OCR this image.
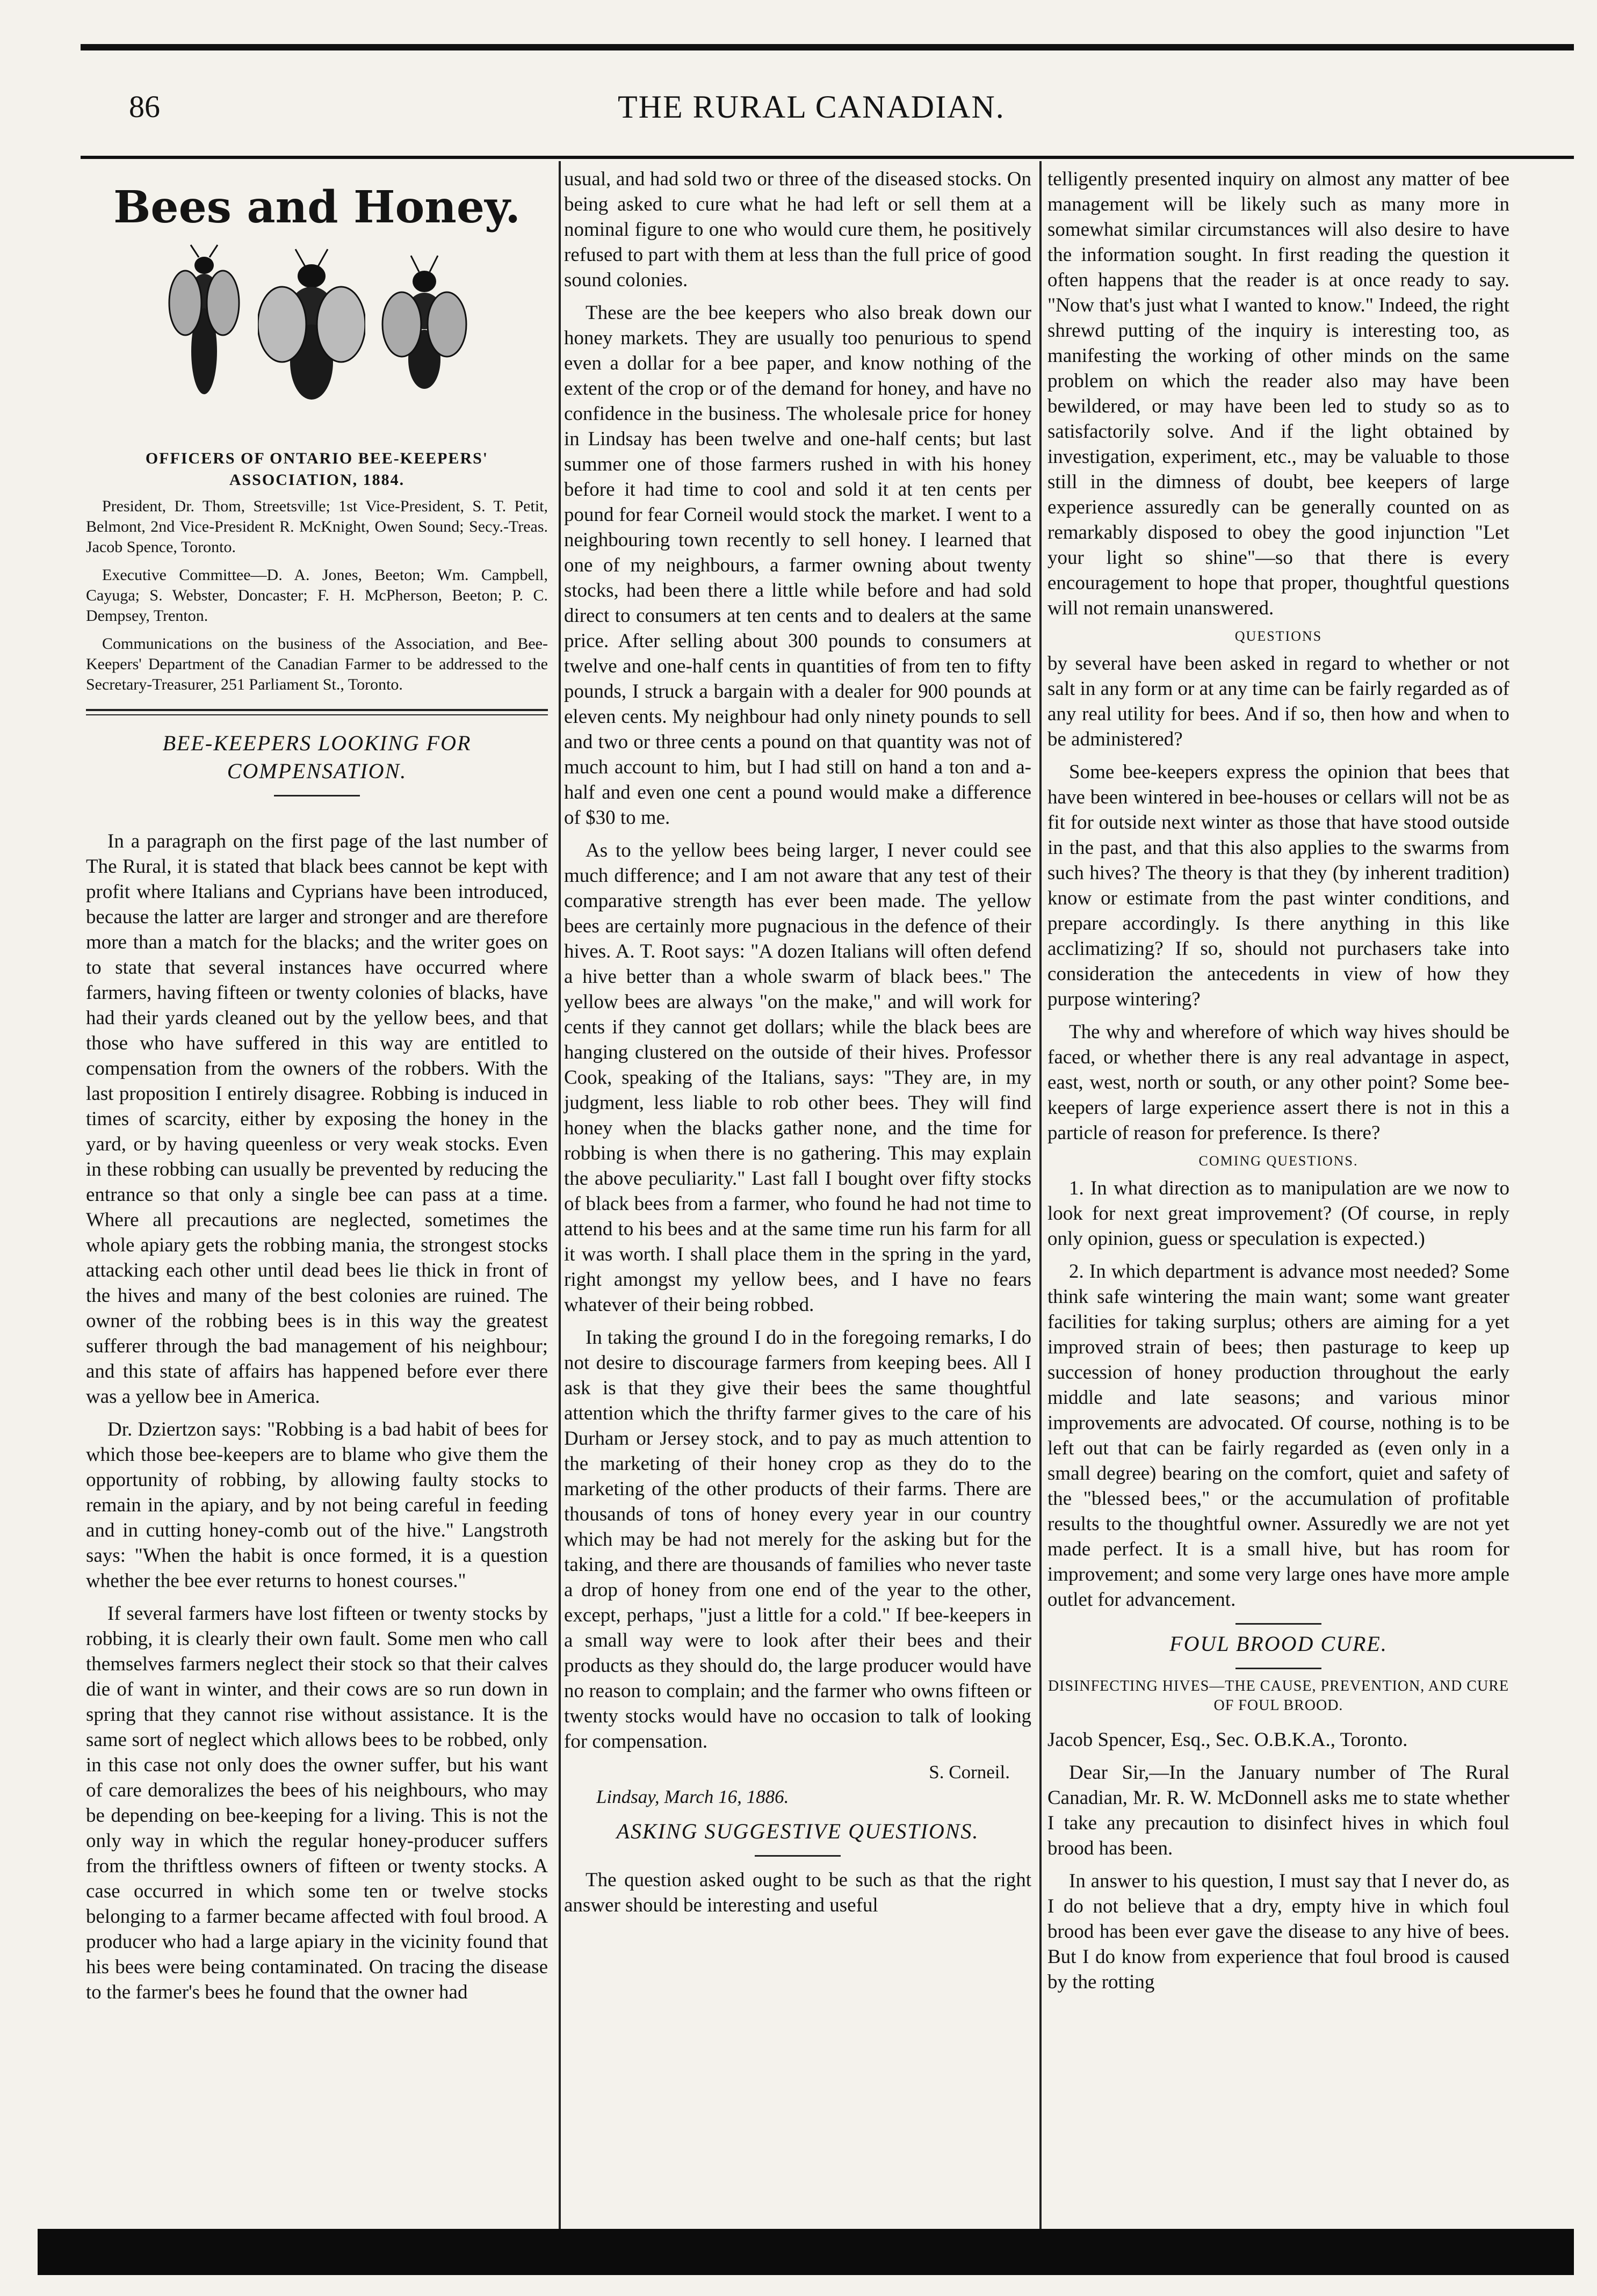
86	THE RURAL CANADIAN.
Bees and Honey.
OFFICERS OF ONTARIO BEE-KEEPERS' ASSOCIATION, 1884.

President, Dr. Thom, Streetsville; 1st Vice-President, S. T. Petit, Belmont, 2nd Vice-President R. McKnight, Owen Sound; Secy.-Treas. Jacob Spence, Toronto.

Executive Committee—D. A. Jones, Beeton; Wm. Campbell, Cayuga; S. Webster, Doncaster; F. H. McPherson, Beeton; P. C. Dempsey, Trenton.

Communications on the business of the Association, and Bee-Keepers' Department of the Canadian Farmer to be addressed to the Secretary-Treasurer, 251 Parliament St., Toronto.

BEE-KEEPERS LOOKING FOR COMPENSATION.

In a paragraph on the first page of the last number of The Rural, it is stated that black bees cannot be kept with profit where Italians and Cyprians have been introduced, because the latter are larger and stronger and are therefore more than a match for the blacks; and the writer goes on to state that several instances have occurred where farmers, having fifteen or twenty colonies of blacks, have had their yards cleaned out by the yellow bees, and that those who have suffered in this way are entitled to compensation from the owners of the robbers. With the last proposition I entirely disagree. Robbing is induced in times of scarcity, either by exposing the honey in the yard, or by having queenless or very weak stocks. Even in these robbing can usually be prevented by reducing the entrance so that only a single bee can pass at a time. Where all precautions are neglected, sometimes the whole apiary gets the robbing mania, the strongest stocks attacking each other until dead bees lie thick in front of the hives and many of the best colonies are ruined. The owner of the robbing bees is in this way the greatest sufferer through the bad management of his neighbour; and this state of affairs has happened before ever there was a yellow bee in America.

Dr. Dziertzon says: "Robbing is a bad habit of bees for which those bee-keepers are to blame who give them the opportunity of robbing, by allowing faulty stocks to remain in the apiary, and by not being careful in feeding and in cutting honey-comb out of the hive." Langstroth says: "When the habit is once formed, it is a question whether the bee ever returns to honest courses."

If several farmers have lost fifteen or twenty stocks by robbing, it is clearly their own fault. Some men who call themselves farmers neglect their stock so that their calves die of want in winter, and their cows are so run down in spring that they cannot rise without assistance. It is the same sort of neglect which allows bees to be robbed, only in this case not only does the owner suffer, but his want of care demoralizes the bees of his neighbours, who may be depending on bee-keeping for a living. This is not the only way in which the regular honey-producer suffers from the thriftless owners of fifteen or twenty stocks. A case occurred in which some ten or twelve stocks belonging to a farmer became affected with foul brood. A producer who had a large apiary in the vicinity found that his bees were being contaminated. On tracing the disease to the farmer's bees he found that the owner had

usual, and had sold two or three of the diseased stocks. On being asked to cure what he had left or sell them at a nominal figure to one who would cure them, he positively refused to part with them at less than the full price of good sound colonies.

These are the bee keepers who also break down our honey markets. They are usually too penurious to spend even a dollar for a bee paper, and know nothing of the extent of the crop or of the demand for honey, and have no confidence in the business. The wholesale price for honey in Lindsay has been twelve and one-half cents; but last summer one of those farmers rushed in with his honey before it had time to cool and sold it at ten cents per pound for fear Corneil would stock the market. I went to a neighbouring town recently to sell honey. I learned that one of my neighbours, a farmer owning about twenty stocks, had been there a little while before and had sold direct to consumers at ten cents and to dealers at the same price. After selling about 300 pounds to consumers at twelve and one-half cents in quantities of from ten to fifty pounds, I struck a bargain with a dealer for 900 pounds at eleven cents. My neighbour had only ninety pounds to sell and two or three cents a pound on that quantity was not of much account to him, but I had still on hand a ton and a-half and even one cent a pound would make a difference of $30 to me.

As to the yellow bees being larger, I never could see much difference; and I am not aware that any test of their comparative strength has ever been made. The yellow bees are certainly more pugnacious in the defence of their hives. A. T. Root says: "A dozen Italians will often defend a hive better than a whole swarm of black bees." The yellow bees are always "on the make," and will work for cents if they cannot get dollars; while the black bees are hanging clustered on the outside of their hives. Professor Cook, speaking of the Italians, says: "They are, in my judgment, less liable to rob other bees. They will find honey when the blacks gather none, and the time for robbing is when there is no gathering. This may explain the above peculiarity." Last fall I bought over fifty stocks of black bees from a farmer, who found he had not time to attend to his bees and at the same time run his farm for all it was worth. I shall place them in the spring in the yard, right amongst my yellow bees, and I have no fears whatever of their being robbed.

In taking the ground I do in the foregoing remarks, I do not desire to discourage farmers from keeping bees. All I ask is that they give their bees the same thoughtful attention which the thrifty farmer gives to the care of his Durham or Jersey stock, and to pay as much attention to the marketing of their honey crop as they do to the marketing of the other products of their farms. There are thousands of tons of honey every year in our country which may be had not merely for the asking but for the taking, and there are thousands of families who never taste a drop of honey from one end of the year to the other, except, perhaps, "just a little for a cold." If bee-keepers in a small way were to look after their bees and their products as they should do, the large producer would have no reason to complain; and the farmer who owns fifteen or twenty stocks would have no occasion to talk of looking for compensation.

S. Corneil.
Lindsay, March 16, 1886.
ASKING SUGGESTIVE QUESTIONS.

The question asked ought to be such as that the right answer should be interesting and useful

telligently presented inquiry on almost any matter of bee management will be likely such as many more in somewhat similar circumstances will also desire to have the information sought. In first reading the question it often happens that the reader is at once ready to say. "Now that's just what I wanted to know." Indeed, the right shrewd putting of the inquiry is interesting too, as manifesting the working of other minds on the same problem on which the reader also may have been bewildered, or may have been led to study so as to satisfactorily solve. And if the light obtained by investigation, experiment, etc., may be valuable to those still in the dimness of doubt, bee keepers of large experience assuredly can be generally counted on as remarkably disposed to obey the good injunction "Let your light so shine"—so that there is every encouragement to hope that proper, thoughtful questions will not remain unanswered.

QUESTIONS

by several have been asked in regard to whether or not salt in any form or at any time can be fairly regarded as of any real utility for bees. And if so, then how and when to be administered?

Some bee-keepers express the opinion that bees that have been wintered in bee-houses or cellars will not be as fit for outside next winter as those that have stood outside in the past, and that this also applies to the swarms from such hives? The theory is that they (by inherent tradition) know or estimate from the past winter conditions, and prepare accordingly. Is there anything in this like acclimatizing? If so, should not purchasers take into consideration the antecedents in view of how they purpose wintering?

The why and wherefore of which way hives should be faced, or whether there is any real advantage in aspect, east, west, north or south, or any other point? Some bee-keepers of large experience assert there is not in this a particle of reason for preference. Is there?

COMING QUESTIONS.

1. In what direction as to manipulation are we now to look for next great improvement? (Of course, in reply only opinion, guess or speculation is expected.)

2. In which department is advance most needed? Some think safe wintering the main want; some want greater facilities for taking surplus; others are aiming for a yet improved strain of bees; then pasturage to keep up succession of honey production throughout the early middle and late seasons; and various minor improvements are advocated. Of course, nothing is to be left out that can be fairly regarded as (even only in a small degree) bearing on the comfort, quiet and safety of the "blessed bees," or the accumulation of profitable results to the thoughtful owner. Assuredly we are not yet made perfect. It is a small hive, but has room for improvement; and some very large ones have more ample outlet for advancement.

FOUL BROOD CURE.
DISINFECTING HIVES—THE CAUSE, PREVENTION, AND CURE OF FOUL BROOD.

Jacob Spencer, Esq., Sec. O.B.K.A., Toronto.

Dear Sir,—In the January number of The Rural Canadian, Mr. R. W. McDonnell asks me to state whether I take any precaution to disinfect hives in which foul brood has been.

In answer to his question, I must say that I never do, as I do not believe that a dry, empty hive in which foul brood has been ever gave the disease to any hive of bees. But I do know from experience that foul brood is caused by the rotting
